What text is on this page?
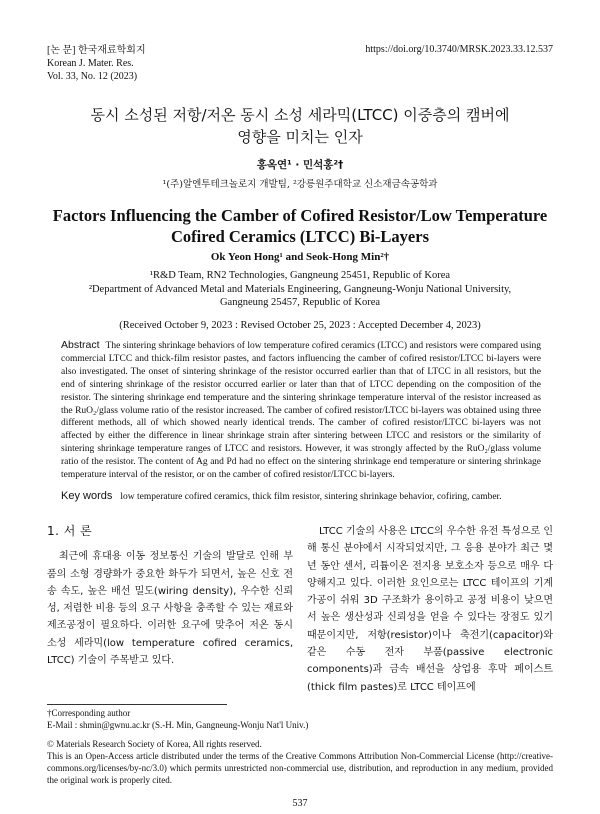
[논 문] 한국재료학회지
Korean J. Mater. Res.
Vol. 33, No. 12 (2023)
https://doi.org/10.3740/MRSK.2023.33.12.537
동시 소성된 저항/저온 동시 소성 세라믹(LTCC) 이중층의 캠버에
영향을 미치는 인자
홍옥연¹ · 민석홍²†
¹(주)알엔투테크놀로지 개발팀, ²강릉원주대학교 신소재금속공학과
Factors Influencing the Camber of Cofired Resistor/Low Temperature
Cofired Ceramics (LTCC) Bi-Layers
Ok Yeon Hong¹ and Seok-Hong Min²†
¹R&D Team, RN2 Technologies, Gangneung 25451, Republic of Korea
²Department of Advanced Metal and Materials Engineering, Gangneung-Wonju National University,
Gangneung 25457, Republic of Korea
(Received October 9, 2023 : Revised October 25, 2023 : Accepted December 4, 2023)
Abstract The sintering shrinkage behaviors of low temperature cofired ceramics (LTCC) and resistors were compared using commercial LTCC and thick-film resistor pastes, and factors influencing the camber of cofired resistor/LTCC bi-layers were also investigated. The onset of sintering shrinkage of the resistor occurred earlier than that of LTCC in all resistors, but the end of sintering shrinkage of the resistor occurred earlier or later than that of LTCC depending on the composition of the resistor. The sintering shrinkage end temperature and the sintering shrinkage temperature interval of the resistor increased as the RuO₂/glass volume ratio of the resistor increased. The camber of cofired resistor/LTCC bi-layers was obtained using three different methods, all of which showed nearly identical trends. The camber of cofired resistor/LTCC bi-layers was not affected by either the difference in linear shrinkage strain after sintering between LTCC and resistors or the similarity of sintering shrinkage temperature ranges of LTCC and resistors. However, it was strongly affected by the RuO₂/glass volume ratio of the resistor. The content of Ag and Pd had no effect on the sintering shrinkage end temperature or sintering shrinkage temperature interval of the resistor, or on the camber of cofired resistor/LTCC bi-layers.
Key words low temperature cofired ceramics, thick film resistor, sintering shrinkage behavior, cofiring, camber.
1. 서 론

최근에 휴대용 이동 정보통신 기술의 발달로 인해 부품의 소형 경량화가 중요한 화두가 되면서, 높은 신호 전송 속도, 높은 배선 밀도(wiring density), 우수한 신뢰성, 저렴한 비용 등의 요구 사항을 충족할 수 있는 재료와 제조공정이 필요하다. 이러한 요구에 맞추어 저온 동시 소성 세라믹(low temperature cofired ceramics, LTCC) 기술이 주목받고 있다.

LTCC 기술의 사용은 LTCC의 우수한 유전 특성으로 인해 통신 분야에서 시작되었지만, 그 응용 분야가 최근 몇 년 동안 센서, 리튬이온 전지용 보호소자 등으로 매우 다양해지고 있다. 이러한 요인으로는 LTCC 테이프의 기계가공이 쉬워 3D 구조화가 용이하고 공정 비용이 낮으면서 높은 생산성과 신뢰성을 얻을 수 있다는 장점도 있기 때문이지만, 저항(resistor)이나 축전기(capacitor)와 같은 수동 전자 부품(passive electronic components)과 금속 배선을 상업용 후막 페이스트(thick film pastes)로 LTCC 테이프에

†Corresponding author
E-Mail : shmin@gwnu.ac.kr (S.-H. Min, Gangneung-Wonju Nat'l Univ.)
© Materials Research Society of Korea, All rights reserved.
This is an Open-Access article distributed under the terms of the Creative Commons Attribution Non-Commercial License (http://creative-commons.org/licenses/by-nc/3.0) which permits unrestricted non-commercial use, distribution, and reproduction in any medium, provided the original work is properly cited.
537
